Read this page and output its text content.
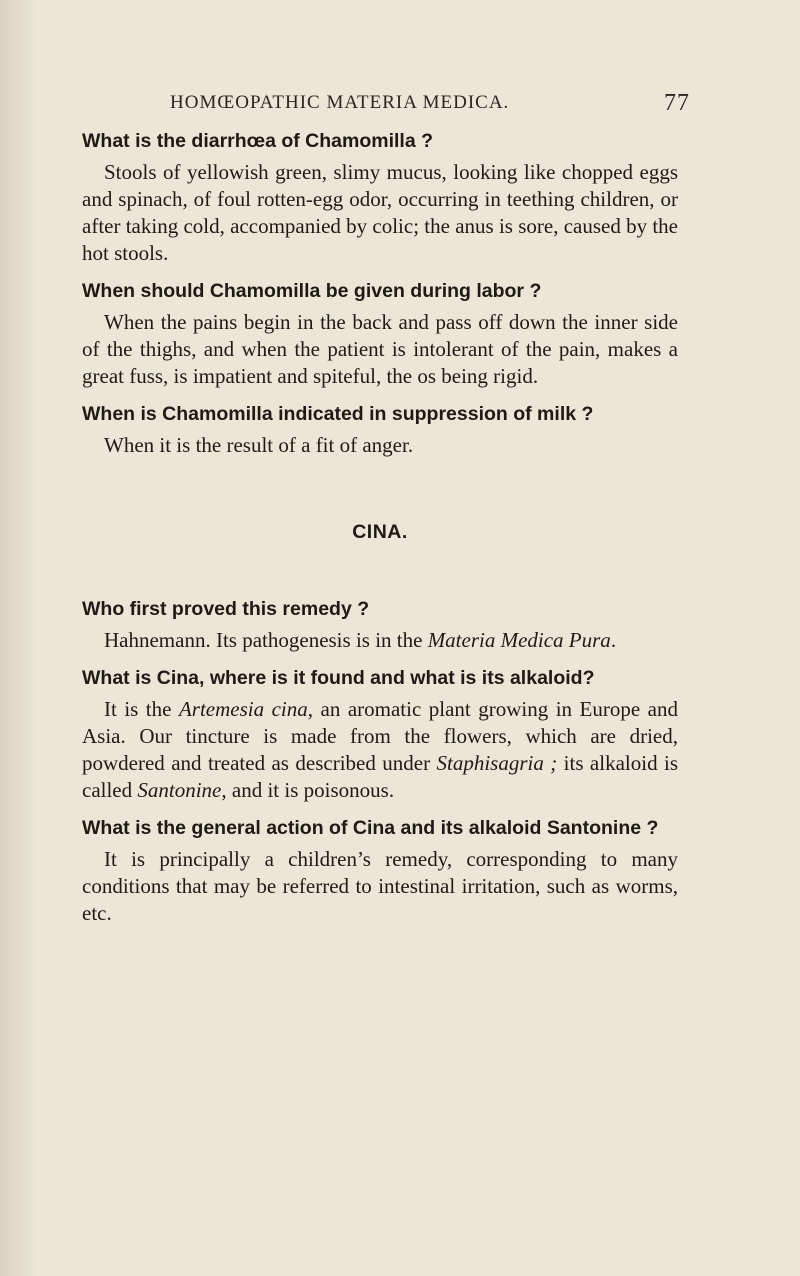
HOMŒOPATHIC MATERIA MEDICA.	77

What is the diarrhœa of Chamomilla ?

Stools of yellowish green, slimy mucus, looking like chopped eggs and spinach, of foul rotten-egg odor, occurring in teething children, or after taking cold, accompanied by colic; the anus is sore, caused by the hot stools.

When should Chamomilla be given during labor ?

When the pains begin in the back and pass off down the inner side of the thighs, and when the patient is intolerant of the pain, makes a great fuss, is impatient and spiteful, the os being rigid.

When is Chamomilla indicated in suppression of milk ?

When it is the result of a fit of anger.

CINA.

Who first proved this remedy ?

Hahnemann. Its pathogenesis is in the Materia Medica Pura.

What is Cina, where is it found and what is its alkaloid?

It is the Artemesia cina, an aromatic plant growing in Europe and Asia. Our tincture is made from the flowers, which are dried, powdered and treated as described under Staphisagria ; its alkaloid is called Santonine, and it is poisonous.

What is the general action of Cina and its alkaloid Santonine ?

It is principally a children’s remedy, corresponding to many conditions that may be referred to intestinal irritation, such as worms, etc.
